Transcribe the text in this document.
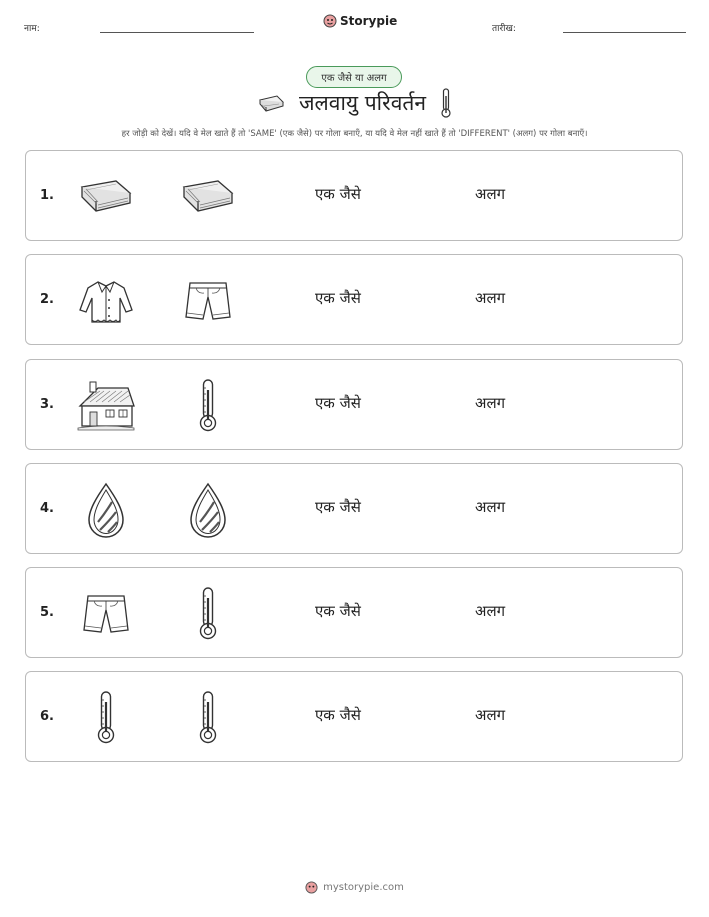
नाम:
Storypie
तारीख:
एक जैसे या अलग
जलवायु परिवर्तन
हर जोड़ी को देखें। यदि वे मेल खाते हैं तो 'SAME' (एक जैसे) पर गोला बनाएँ, या यदि वे मेल नहीं खाते हैं तो 'DIFFERENT' (अलग) पर गोला बनाएँ।
1.	एक जैसे	अलग
2.	एक जैसे	अलग
3.	एक जैसे	अलग
4.	एक जैसे	अलग
5.	एक जैसे	अलग
6.	एक जैसे	अलग
mystorypie.com
